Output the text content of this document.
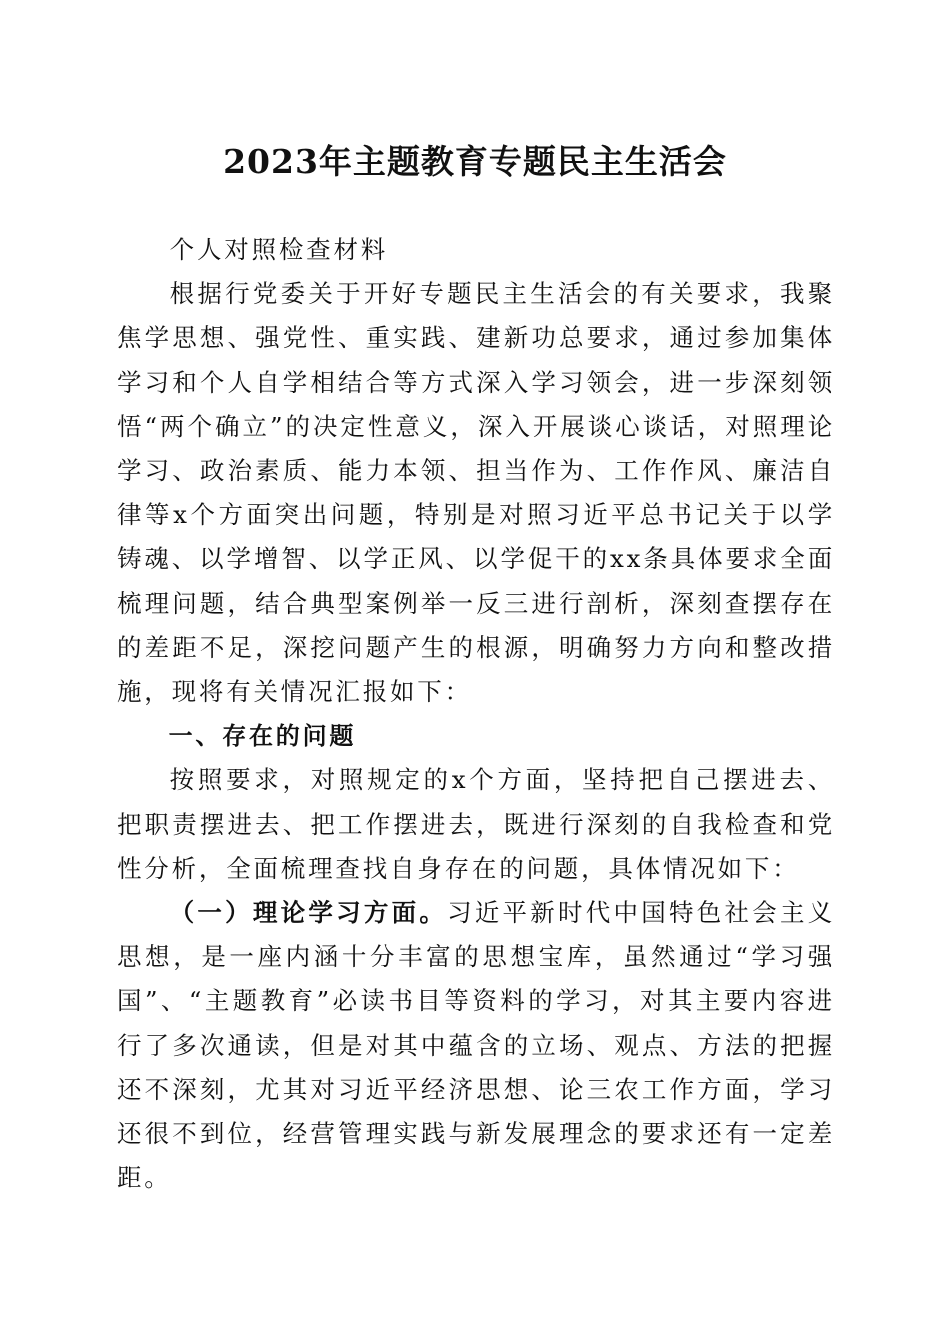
2023年主题教育专题民主生活会

个人对照检查材料

根据行党委关于开好专题民主生活会的有关要求，我聚焦学思想、强党性、重实践、建新功总要求，通过参加集体学习和个人自学相结合等方式深入学习领会，进一步深刻领悟“两个确立”的决定性意义，深入开展谈心谈话，对照理论学习、政治素质、能力本领、担当作为、工作作风、廉洁自律等x个方面突出问题，特别是对照习近平总书记关于以学铸魂、以学增智、以学正风、以学促干的xx条具体要求全面梳理问题，结合典型案例举一反三进行剖析，深刻查摆存在的差距不足，深挖问题产生的根源，明确努力方向和整改措施，现将有关情况汇报如下：

一、存在的问题

按照要求，对照规定的x个方面，坚持把自己摆进去、把职责摆进去、把工作摆进去，既进行深刻的自我检查和党性分析，全面梳理查找自身存在的问题，具体情况如下：

（一）理论学习方面。习近平新时代中国特色社会主义思想，是一座内涵十分丰富的思想宝库，虽然通过“学习强国”、“主题教育”必读书目等资料的学习，对其主要内容进行了多次通读，但是对其中蕴含的立场、观点、方法的把握还不深刻，尤其对习近平经济思想、论三农工作方面，学习还很不到位，经营管理实践与新发展理念的要求还有一定差距。
